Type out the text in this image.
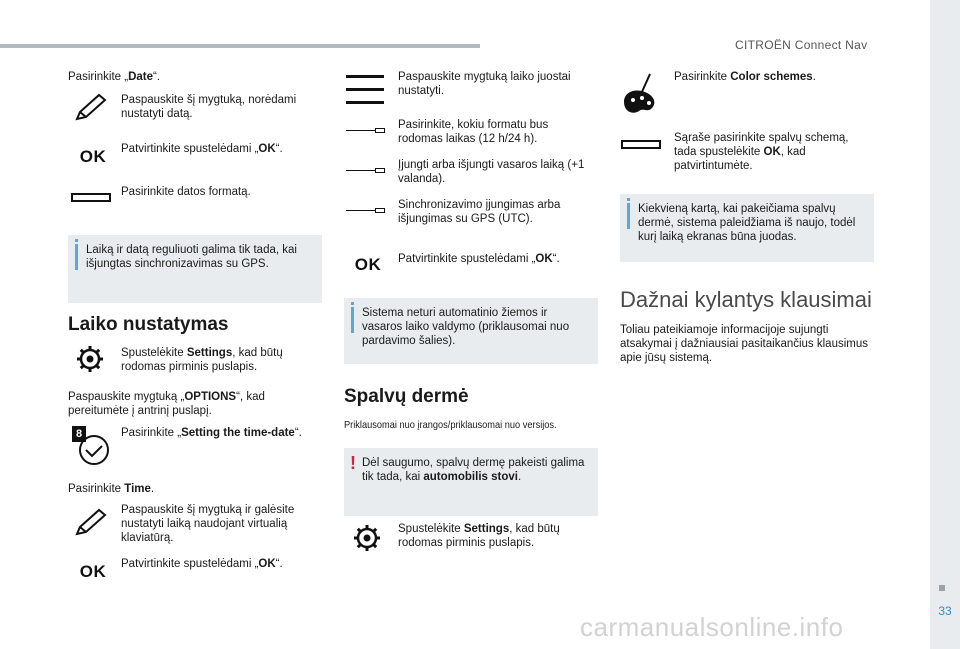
CITROËN Connect Nav
33
carmanualsonline.info
Pasirinkite „Date“.
Paspauskite šį mygtuką, norėdami nustatyti datą.
OK	Patvirtinkite spustelėdami „OK“.
Pasirinkite datos formatą.
Laiką ir datą reguliuoti galima tik tada, kai išjungtas sinchronizavimas su GPS.
Laiko nustatymas
Spustelėkite Settings, kad būtų rodomas pirminis puslapis.
Paspauskite mygtuką „OPTIONS“, kad pereitumėte į antrinį puslapį.
8	Pasirinkite „Setting the time-date“.
Pasirinkite Time.
Paspauskite šį mygtuką ir galėsite nustatyti laiką naudojant virtualią klaviatūrą.
OK	Patvirtinkite spustelėdami „OK“.
Paspauskite mygtuką laiko juostai nustatyti.
Pasirinkite, kokiu formatu bus rodomas laikas (12 h/24 h).
Įjungti arba išjungti vasaros laiką (+1 valanda).
Sinchronizavimo įjungimas arba išjungimas su GPS (UTC).
OK	Patvirtinkite spustelėdami „OK“.
Sistema neturi automatinio žiemos ir vasaros laiko valdymo (priklausomai nuo pardavimo šalies).
Spalvų dermė
Priklausomai nuo įrangos/priklausomai nuo versijos.
! Dėl saugumo, spalvų dermę pakeisti galima tik tada, kai automobilis stovi.
Spustelėkite Settings, kad būtų rodomas pirminis puslapis.
Pasirinkite Color schemes.
Sąraše pasirinkite spalvų schemą, tada spustelėkite OK, kad patvirtintumėte.
Kiekvieną kartą, kai pakeičiama spalvų dermė, sistema paleidžiama iš naujo, todėl kurį laiką ekranas būna juodas.
Dažnai kylantys klausimai
Toliau pateikiamoje informacijoje sujungti atsakymai į dažniausiai pasitaikančius klausimus apie jūsų sistemą.
